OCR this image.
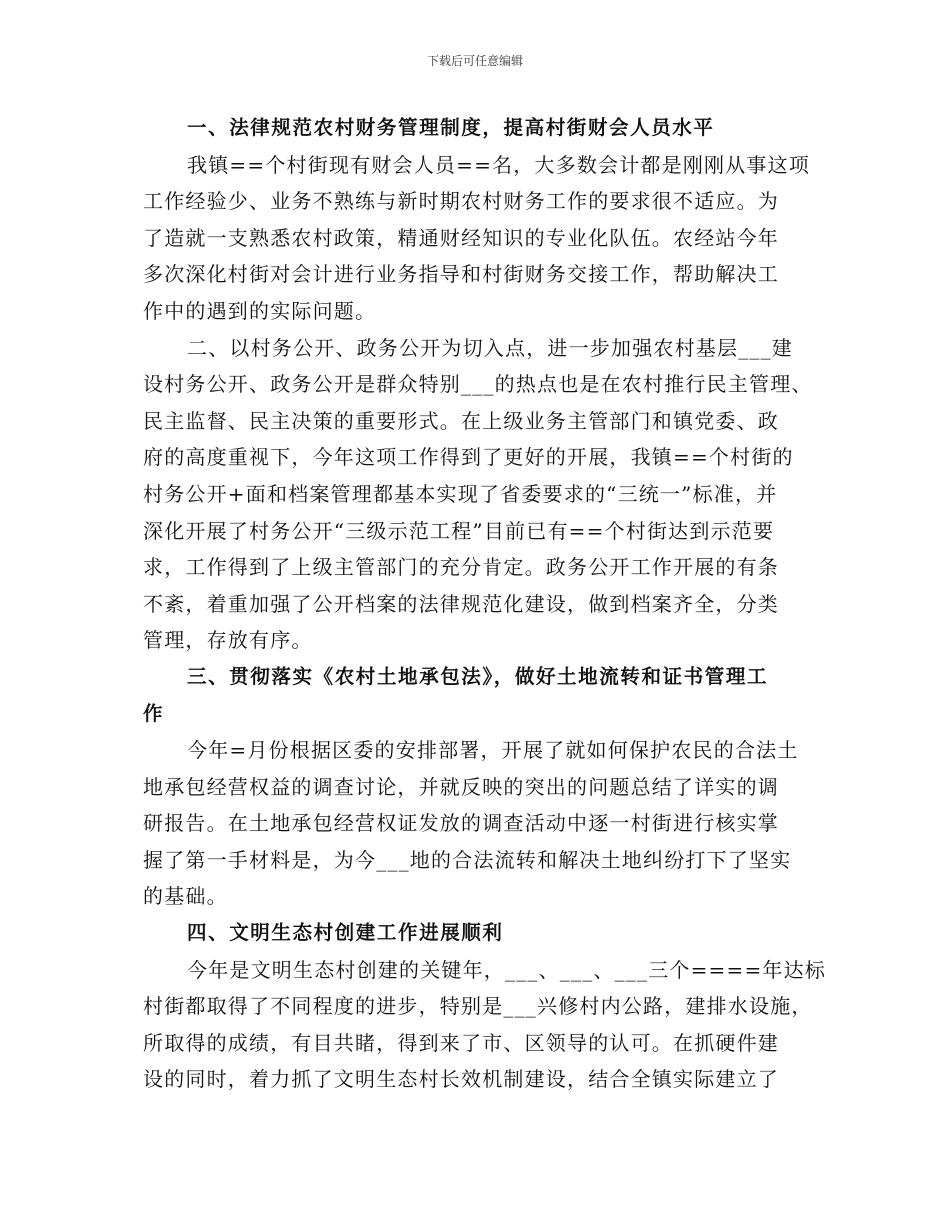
下载后可任意编辑
一、法律规范农村财务管理制度，提高村街财会人员水平
我镇==个村街现有财会人员==名，大多数会计都是刚刚从事这项
工作经验少、业务不熟练与新时期农村财务工作的要求很不适应。为
了造就一支熟悉农村政策，精通财经知识的专业化队伍。农经站今年
多次深化村街对会计进行业务指导和村街财务交接工作，帮助解决工
作中的遇到的实际问题。
二、以村务公开、政务公开为切入点，进一步加强农村基层___建
设村务公开、政务公开是群众特别___的热点也是在农村推行民主管理、
民主监督、民主决策的重要形式。在上级业务主管部门和镇党委、政
府的高度重视下，今年这项工作得到了更好的开展，我镇==个村街的
村务公开+面和档案管理都基本实现了省委要求的“三统一”标准，并
深化开展了村务公开“三级示范工程”目前已有==个村街达到示范要
求，工作得到了上级主管部门的充分肯定。政务公开工作开展的有条
不紊，着重加强了公开档案的法律规范化建设，做到档案齐全，分类
管理，存放有序。
三、贯彻落实《农村土地承包法》，做好土地流转和证书管理工
作
今年=月份根据区委的安排部署，开展了就如何保护农民的合法土
地承包经营权益的调查讨论，并就反映的突出的问题总结了详实的调
研报告。在土地承包经营权证发放的调查活动中逐一村街进行核实掌
握了第一手材料是，为今___地的合法流转和解决土地纠纷打下了坚实
的基础。
四、文明生态村创建工作进展顺利
今年是文明生态村创建的关键年，___、___、___三个====年达标
村街都取得了不同程度的进步，特别是___兴修村内公路，建排水设施，
所取得的成绩，有目共睹，得到来了市、区领导的认可。在抓硬件建
设的同时，着力抓了文明生态村长效机制建设，结合全镇实际建立了
